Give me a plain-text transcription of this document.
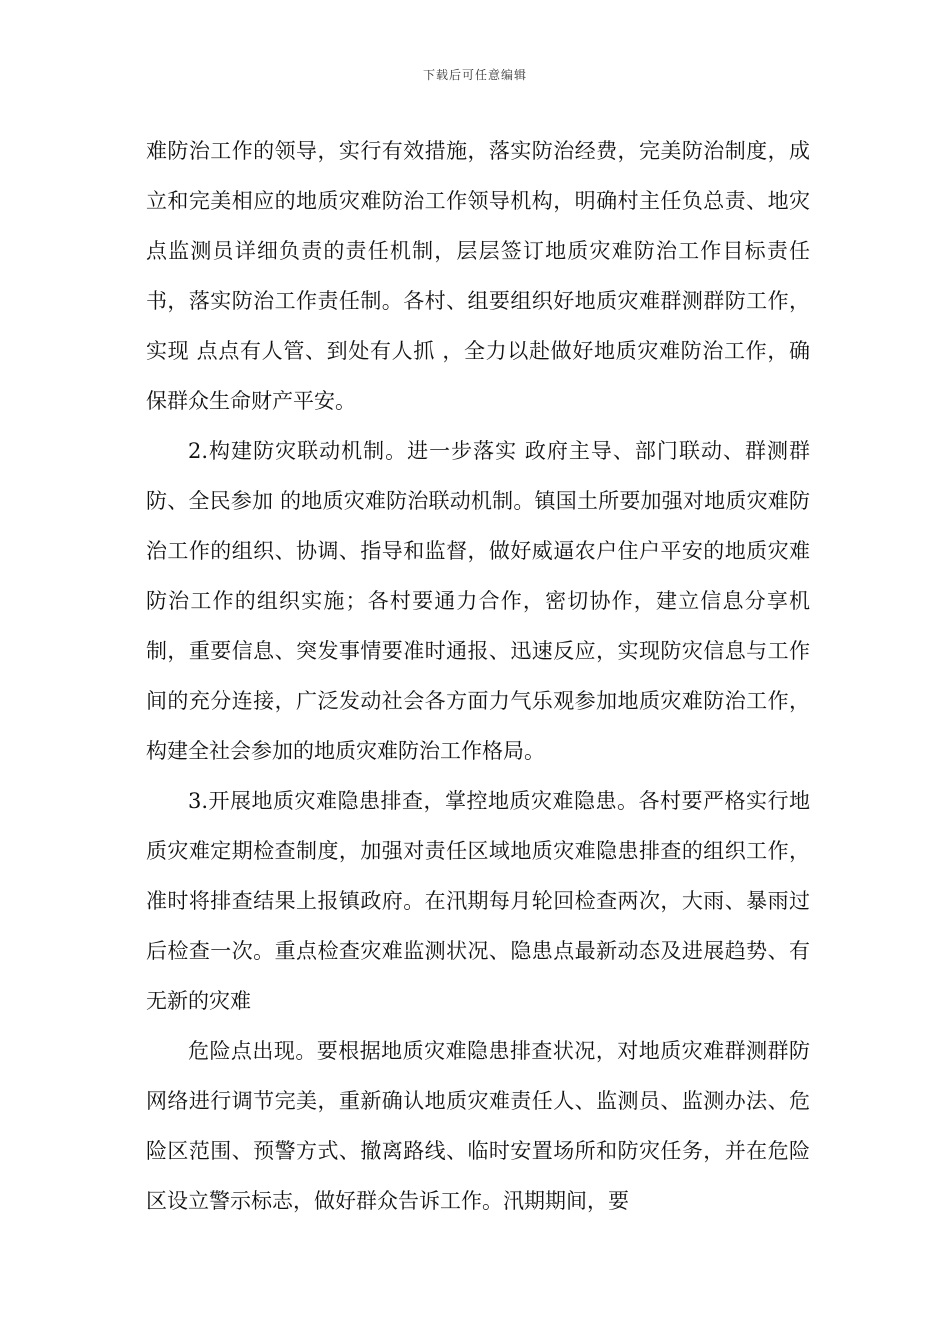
下载后可任意编辑

难防治工作的领导，实行有效措施，落实防治经费，完美防治制度，成立和完美相应的地质灾难防治工作领导机构，明确村主任负总责、地灾点监测员详细负责的责任机制，层层签订地质灾难防治工作目标责任书，落实防治工作责任制。各村、组要组织好地质灾难群测群防工作，实现 点点有人管、到处有人抓 ，全力以赴做好地质灾难防治工作，确保群众生命财产平安。

2.构建防灾联动机制。进一步落实 政府主导、部门联动、群测群防、全民参加 的地质灾难防治联动机制。镇国土所要加强对地质灾难防治工作的组织、协调、指导和监督，做好威逼农户住户平安的地质灾难防治工作的组织实施；各村要通力合作，密切协作，建立信息分享机制，重要信息、突发事情要准时通报、迅速反应，实现防灾信息与工作间的充分连接，广泛发动社会各方面力气乐观参加地质灾难防治工作，构建全社会参加的地质灾难防治工作格局。

3.开展地质灾难隐患排查，掌控地质灾难隐患。各村要严格实行地质灾难定期检查制度，加强对责任区域地质灾难隐患排查的组织工作，准时将排查结果上报镇政府。在汛期每月轮回检查两次，大雨、暴雨过后检查一次。重点检查灾难监测状况、隐患点最新动态及进展趋势、有无新的灾难

危险点出现。要根据地质灾难隐患排查状况，对地质灾难群测群防网络进行调节完美，重新确认地质灾难责任人、监测员、监测办法、危险区范围、预警方式、撤离路线、临时安置场所和防灾任务，并在危险区设立警示标志，做好群众告诉工作。汛期期间，要
